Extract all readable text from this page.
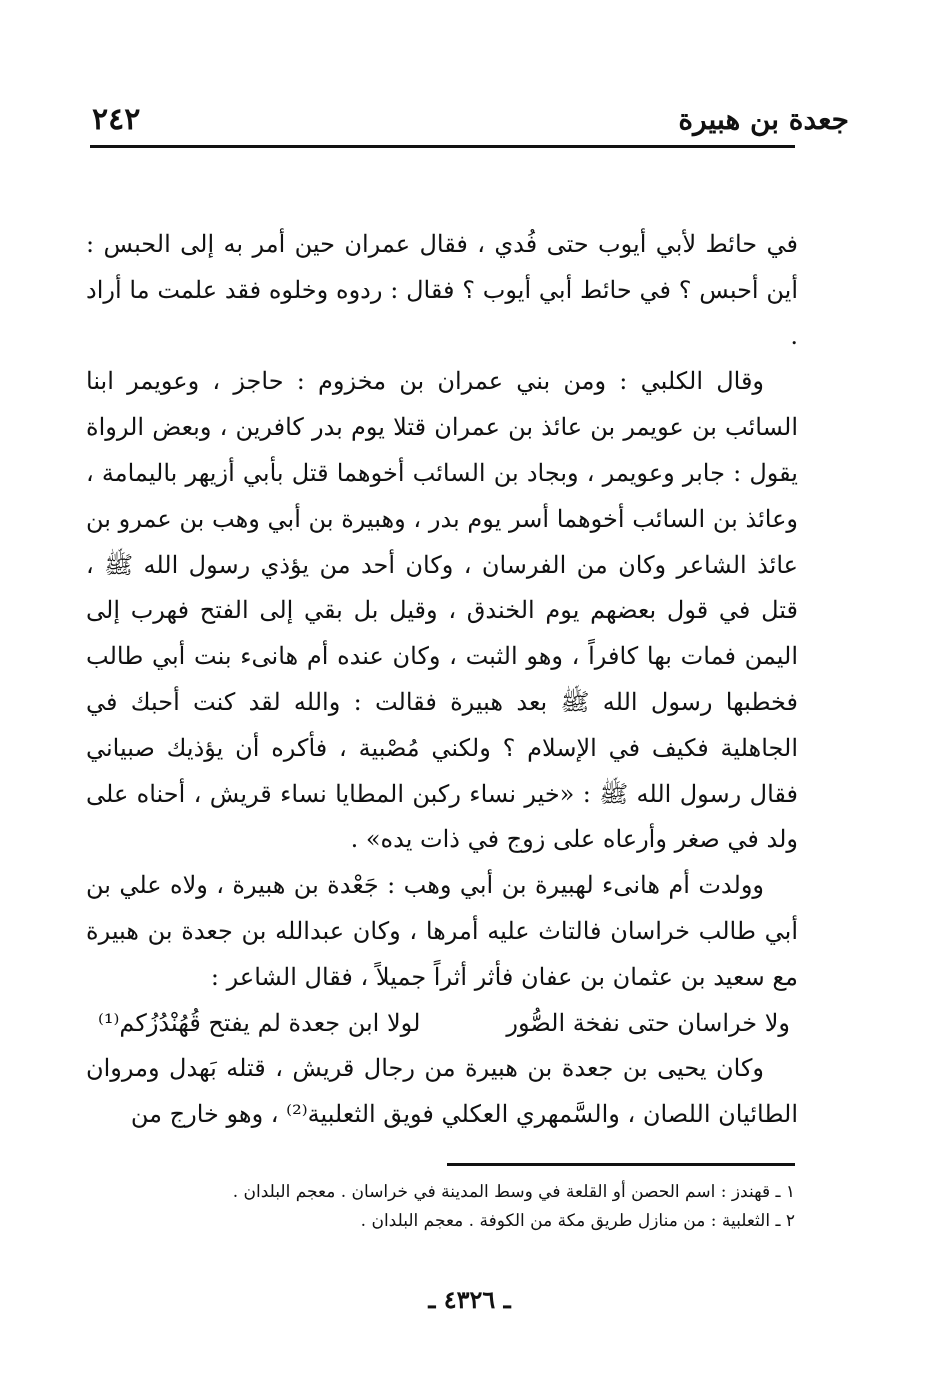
جعدة بن هبيرة
٢٤٢

في حائط لأبي أيوب حتى فُدي ، فقال عمران حين أمر به إلى الحبس : أين أحبس ؟ في حائط أبي أيوب ؟ فقال : ردوه وخلوه فقد علمت ما أراد .

وقال الكلبي : ومن بني عمران بن مخزوم : حاجز ، وعويمر ابنا السائب بن عويمر بن عائذ بن عمران قتلا يوم بدر كافرين ، وبعض الرواة يقول : جابر وعويمر ، وبجاد بن السائب أخوهما قتل بأبي أزيهر باليمامة ، وعائذ بن السائب أخوهما أسر يوم بدر ، وهبيرة بن أبي وهب بن عمرو بن عائذ الشاعر وكان من الفرسان ، وكان أحد من يؤذي رسول الله ﷺ ، قتل في قول بعضهم يوم الخندق ، وقيل بل بقي إلى الفتح فهرب إلى اليمن فمات بها كافراً ، وهو الثبت ، وكان عنده أم هانىء بنت أبي طالب فخطبها رسول الله ﷺ بعد هبيرة فقالت : والله لقد كنت أحبك في الجاهلية فكيف في الإسلام ؟ ولكني مُصْبية ، فأكره أن يؤذيك صبياني فقال رسول الله ﷺ : «خير نساء ركبن المطايا نساء قريش ، أحناه على ولد في صغر وأرعاه على زوج في ذات يده» .

وولدت أم هانىء لهبيرة بن أبي وهب : جَعْدة بن هبيرة ، ولاه علي بن أبي طالب خراسان فالتاث عليه أمرها ، وكان عبدالله بن جعدة بن هبيرة مع سعيد بن عثمان بن عفان فأثر أثراً جميلاً ، فقال الشاعر :

لولا ابن جعدة لم يفتح قُهُنْدُزُكم⁽¹⁾	ولا خراسان حتى نفخة الصُّور

وكان يحيى بن جعدة بن هبيرة من رجال قريش ، قتله بَهدل ومروان الطائيان اللصان ، والسَّمهري العكلي فويق الثعلبية⁽²⁾ ، وهو خارج من

١ ـ قهندز : اسم الحصن أو القلعة في وسط المدينة في خراسان . معجم البلدان .
٢ ـ الثعلبية : من منازل طريق مكة من الكوفة . معجم البلدان .
ـ ٤٣٢٦ ـ
